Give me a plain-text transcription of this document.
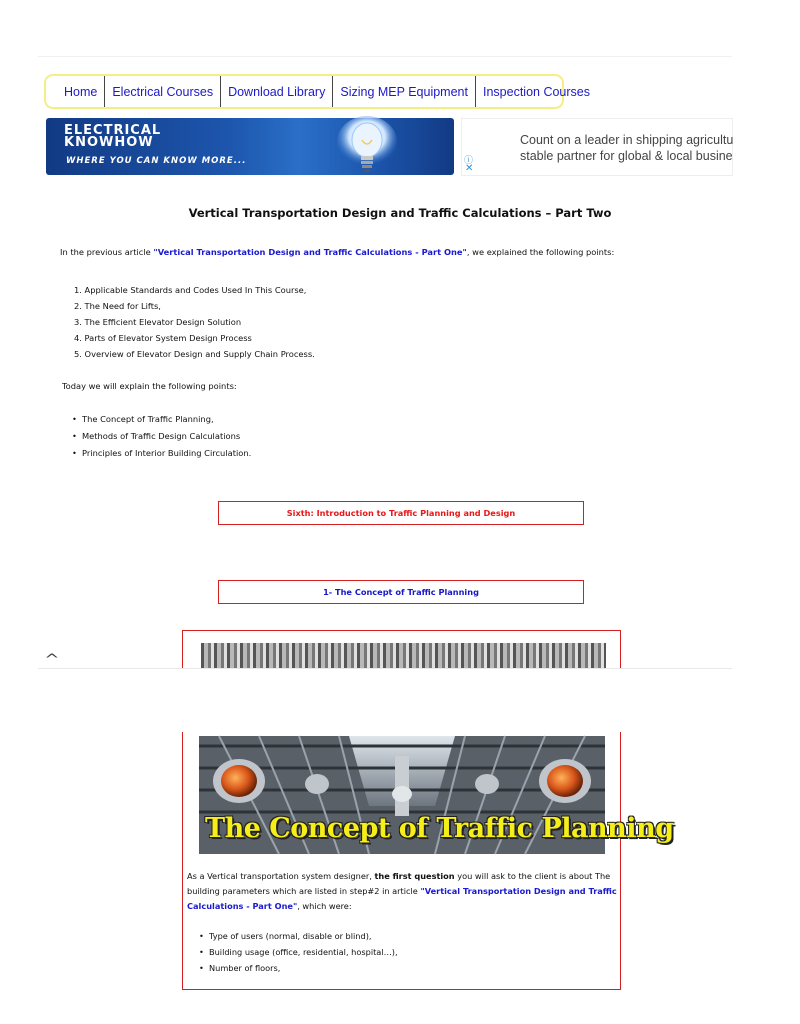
Home	Electrical Courses	Download Library	Sizing MEP Equipment	Inspection Courses
ELECTRICAL
KNOWHOW
WHERE YOU CAN KNOW MORE...
Count on a leader in shipping agricultu
stable partner for global & local busine
ⓘ
✕
Vertical Transportation Design and Traffic Calculations – Part Two
In the previous article "Vertical Transportation Design and Traffic Calculations - Part One", we explained the following points:
1. Applicable Standards and Codes Used In This Course,
2. The Need for Lifts,
3. The Efficient Elevator Design Solution
4. Parts of Elevator System Design Process
5. Overview of Elevator Design and Supply Chain Process.
Today we will explain the following points:
• The Concept of Traffic Planning,
• Methods of Traffic Design Calculations
• Principles of Interior Building Circulation.
Sixth: Introduction to Traffic Planning and Design
1- The Concept of Traffic Planning
^
The Concept of Traffic Planning
As a Vertical transportation system designer, the first question you will ask to the client is about The building parameters which are listed in step#2 in article "Vertical Transportation Design and Traffic Calculations - Part One", which were:
• Type of users (normal, disable or blind),
• Building usage (office, residential, hospital…),
• Number of floors,
